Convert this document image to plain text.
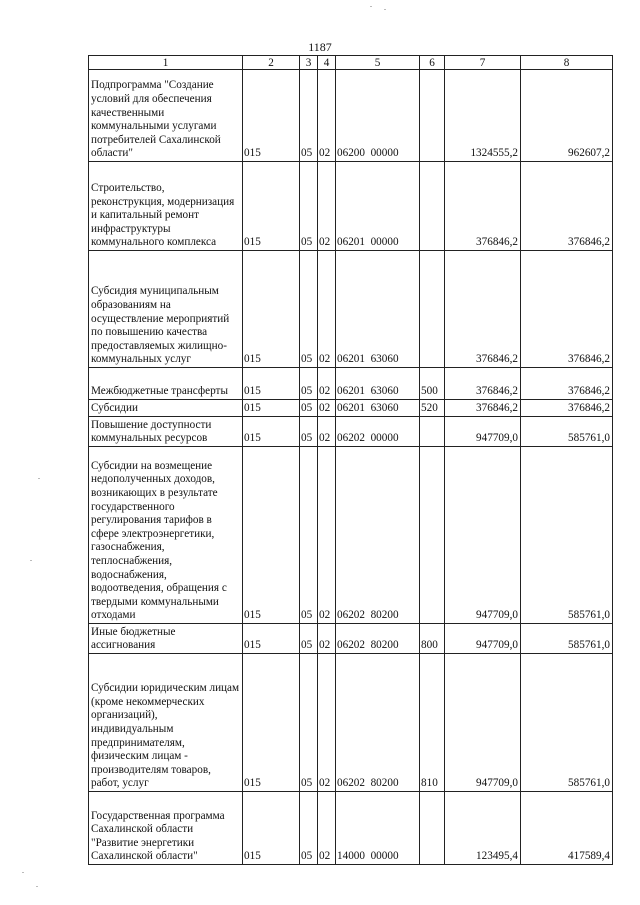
1187
1	2	3	4	5	6	7	8

Подпрограмма "Создание условий для обеспечения качественными коммунальными услугами потребителей Сахалинской области"	015	05	02	06200  00000		1324555,2	962607,2

Строительство, реконструкция, модернизация и капитальный ремонт инфраструктуры коммунального комплекса	015	05	02	06201  00000		376846,2	376846,2

Субсидия муниципальным образованиям на осуществление мероприятий по повышению качества предоставляемых жилищно-коммунальных услуг	015	05	02	06201  63060		376846,2	376846,2

Межбюджетные трансферты	015	05	02	06201  63060	500	376846,2	376846,2

Субсидии	015	05	02	06201  63060	520	376846,2	376846,2

Повышение доступности коммунальных ресурсов	015	05	02	06202  00000		947709,0	585761,0

Субсидии на возмещение недополученных доходов, возникающих в результате государственного регулирования тарифов в сфере электроэнергетики, газоснабжения, теплоснабжения, водоснабжения, водоотведения, обращения с твердыми коммунальными отходами	015	05	02	06202  80200		947709,0	585761,0

Иные бюджетные ассигнования	015	05	02	06202  80200	800	947709,0	585761,0

Субсидии юридическим лицам (кроме некоммерческих организаций), индивидуальным предпринимателям, физическим лицам - производителям товаров, работ, услуг	015	05	02	06202  80200	810	947709,0	585761,0

Государственная программа Сахалинской области "Развитие энергетики Сахалинской области"	015	05	02	14000  00000		123495,4	417589,4
